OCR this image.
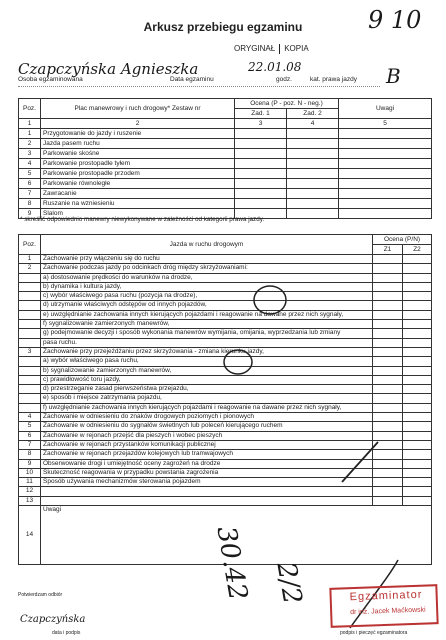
Arkusz przebiegu egzaminu	9 10
ORYGINAŁ KOPIA
Czapczyńska Agnieszka	22.01.08	B
Osoba egzaminowana	Data egzaminu	godz.	kat. prawa jazdy
Poz.	Plac manewrowy i ruch drogowy* Zestaw nr	Ocena (P - poz. N - neg.)		Uwagi
		Zad. 1	Zad. 2	
1	2	3	4	5
1	Przygotowanie do jazdy i ruszenie			
2	Jazda pasem ruchu			
3	Parkowanie skośne			
4	Parkowanie prostopadle tyłem			
5	Parkowanie prostopadle przodem			
6	Parkowanie równoległe			
7	Zawracanie			
8	Ruszanie na wzniesieniu			
9	Slalom			
* skreślić odpowiednio manewry niewykonywane w zależności od kategorii prawa jazdy.
Poz.	Jazda w ruchu drogowym	Ocena (P/N)	
		Z1	Z2
1	Zachowanie przy włączeniu się do ruchu		
2	Zachowanie podczas jazdy po odcinkach dróg między skrzyżowaniami:		
	a) dostosowanie prędkości do warunków na drodze,		
	b) dynamika i kultura jazdy,		
	c) wybór właściwego pasa ruchu (pozycja na drodze),		
	d) utrzymanie właściwych odstępów od innych pojazdów,		
	e) uwzględnianie zachowania innych kierujących pojazdami i reagowanie na dawane przez nich sygnały,		
	f) sygnalizowanie zamierzonych manewrów,		
	g) podejmowanie decyzji i sposób wykonania manewrów wymijania, omijania, wyprzedzania lub zmiany		
	pasa ruchu.		
3	Zachowanie przy przejeżdżaniu przez skrzyżowania - zmiana kierunku jazdy,		
	a) wybór właściwego pasa ruchu,		
	b) sygnalizowanie zamierzonych manewrów,		
	c) prawidłowość toru jazdy,		
	d) przestrzeganie zasad pierwszeństwa przejazdu,		
	e) sposób i miejsce zatrzymania pojazdu,		
	f) uwzględnianie zachowania innych kierujących pojazdami i reagowanie na dawane przez nich sygnały,		
4	Zachowanie w odniesieniu do znaków drogowych poziomych i pionowych		
5	Zachowanie w odniesieniu do sygnałów świetlnych lub poleceń kierującego ruchem		
6	Zachowanie w rejonach przejść dla pieszych i wobec pieszych		
7	Zachowanie w rejonach przystanków komunikacji publicznej		
8	Zachowanie w rejonach przejazdów kolejowych lub tramwajowych		
9	Obserwowanie drogi i umiejętność oceny zagrożeń na drodze		
10	Skuteczność reagowania w przypadku powstania zagrożenia		
11	Sposób używania mechanizmów sterowania pojazdem		
12			
13			
14	Uwagi		
30.42 2/2
Potwierdzam odbiór
Czapczyńska
data i podpis	podpis i pieczęć egzaminatora
Egzaminator
dr inż. Jacek Maćkowski
